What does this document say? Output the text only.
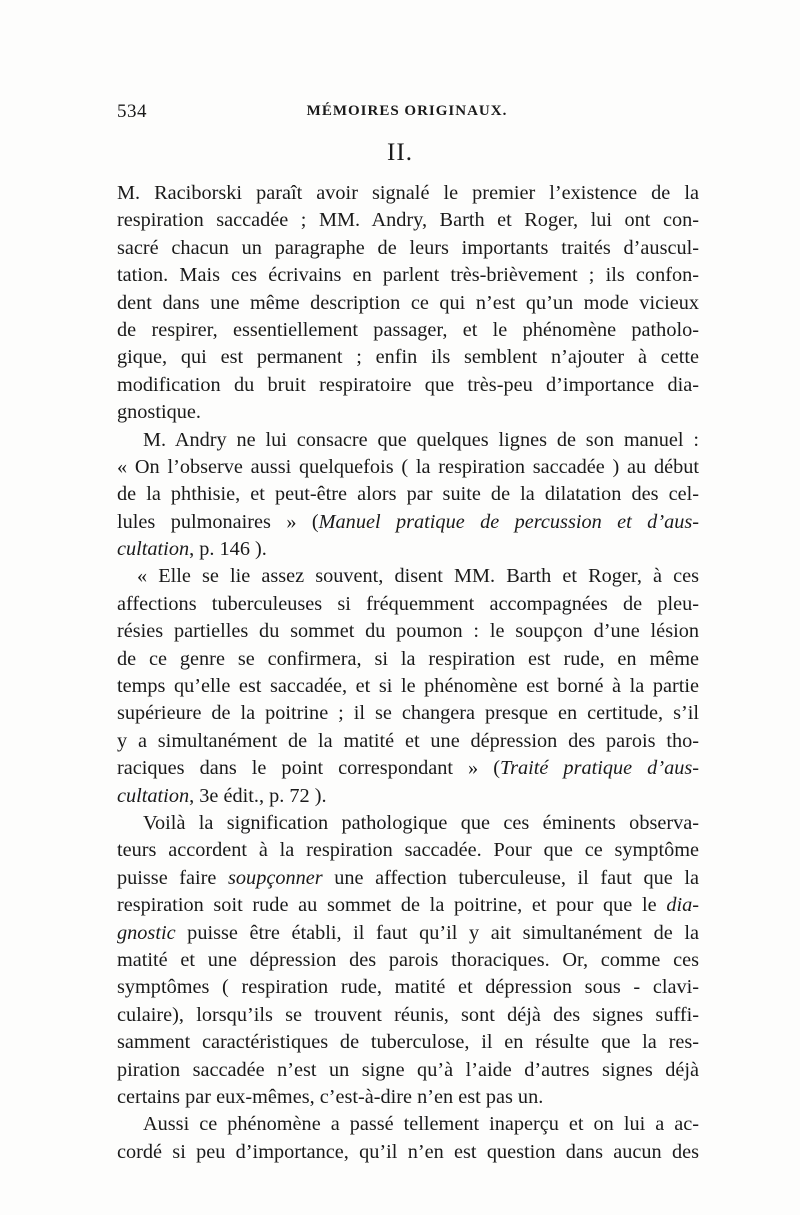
534	MÉMOIRES ORIGINAUX.
II.
M. Raciborski paraît avoir signalé le premier l’existence de la
respiration saccadée ; MM. Andry, Barth et Roger, lui ont con-
sacré chacun un paragraphe de leurs importants traités d’auscul-
tation. Mais ces écrivains en parlent très-brièvement ; ils confon-
dent dans une même description ce qui n’est qu’un mode vicieux
de respirer, essentiellement passager, et le phénomène patholo-
gique, qui est permanent ; enfin ils semblent n’ajouter à cette
modification du bruit respiratoire que très-peu d’importance dia-
gnostique.
M. Andry ne lui consacre que quelques lignes de son manuel :
« On l’observe aussi quelquefois ( la respiration saccadée ) au début
de la phthisie, et peut-être alors par suite de la dilatation des cel-
lules pulmonaires » (Manuel pratique de percussion et d’aus-
cultation, p. 146 ).
« Elle se lie assez souvent, disent MM. Barth et Roger, à ces
affections tuberculeuses si fréquemment accompagnées de pleu-
résies partielles du sommet du poumon : le soupçon d’une lésion
de ce genre se confirmera, si la respiration est rude, en même
temps qu’elle est saccadée, et si le phénomène est borné à la partie
supérieure de la poitrine ; il se changera presque en certitude, s’il
y a simultanément de la matité et une dépression des parois tho-
raciques dans le point correspondant » (Traité pratique d’aus-
cultation, 3e édit., p. 72 ).
Voilà la signification pathologique que ces éminents observa-
teurs accordent à la respiration saccadée. Pour que ce symptôme
puisse faire soupçonner une affection tuberculeuse, il faut que la
respiration soit rude au sommet de la poitrine, et pour que le dia-
gnostic puisse être établi, il faut qu’il y ait simultanément de la
matité et une dépression des parois thoraciques. Or, comme ces
symptômes ( respiration rude, matité et dépression sous - clavi-
culaire), lorsqu’ils se trouvent réunis, sont déjà des signes suffi-
samment caractéristiques de tuberculose, il en résulte que la res-
piration saccadée n’est un signe qu’à l’aide d’autres signes déjà
certains par eux-mêmes, c’est-à-dire n’en est pas un.
Aussi ce phénomène a passé tellement inaperçu et on lui a ac-
cordé si peu d’importance, qu’il n’en est question dans aucun des
